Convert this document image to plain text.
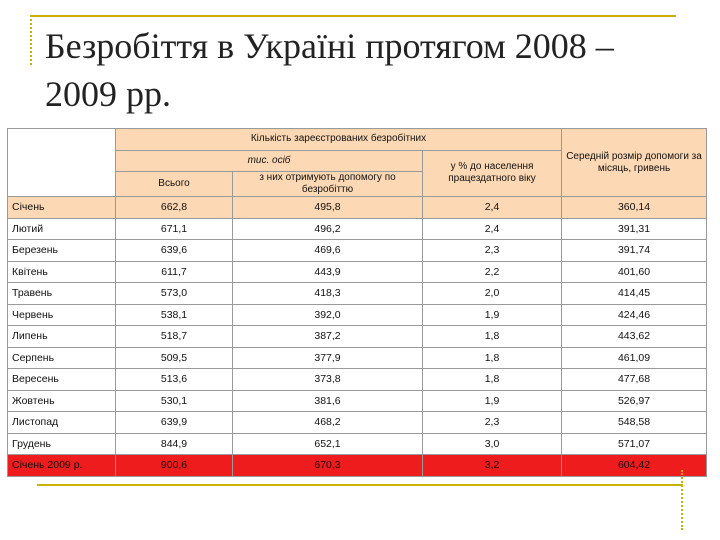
Безробіття в Україні протягом 2008 – 2009 рр.
	Кількість зареєстрованих безробітних			Середній розмір допомоги за місяць, гривень
	тис. осіб		у % до населення працездатного віку	
	Всього	з них отримують допомогу по безробіттю		
Січень	662,8	495,8	2,4	360,14
Лютий	671,1	496,2	2,4	391,31
Березень	639,6	469,6	2,3	391,74
Квітень	611,7	443,9	2,2	401,60
Травень	573,0	418,3	2,0	414,45
Червень	538,1	392,0	1,9	424,46
Липень	518,7	387,2	1,8	443,62
Серпень	509,5	377,9	1,8	461,09
Вересень	513,6	373,8	1,8	477,68
Жовтень	530,1	381,6	1,9	526,97
Листопад	639,9	468,2	2,3	548,58
Грудень	844,9	652,1	3,0	571,07
Січень 2009 р.	900,6	670,3	3,2	604,42
